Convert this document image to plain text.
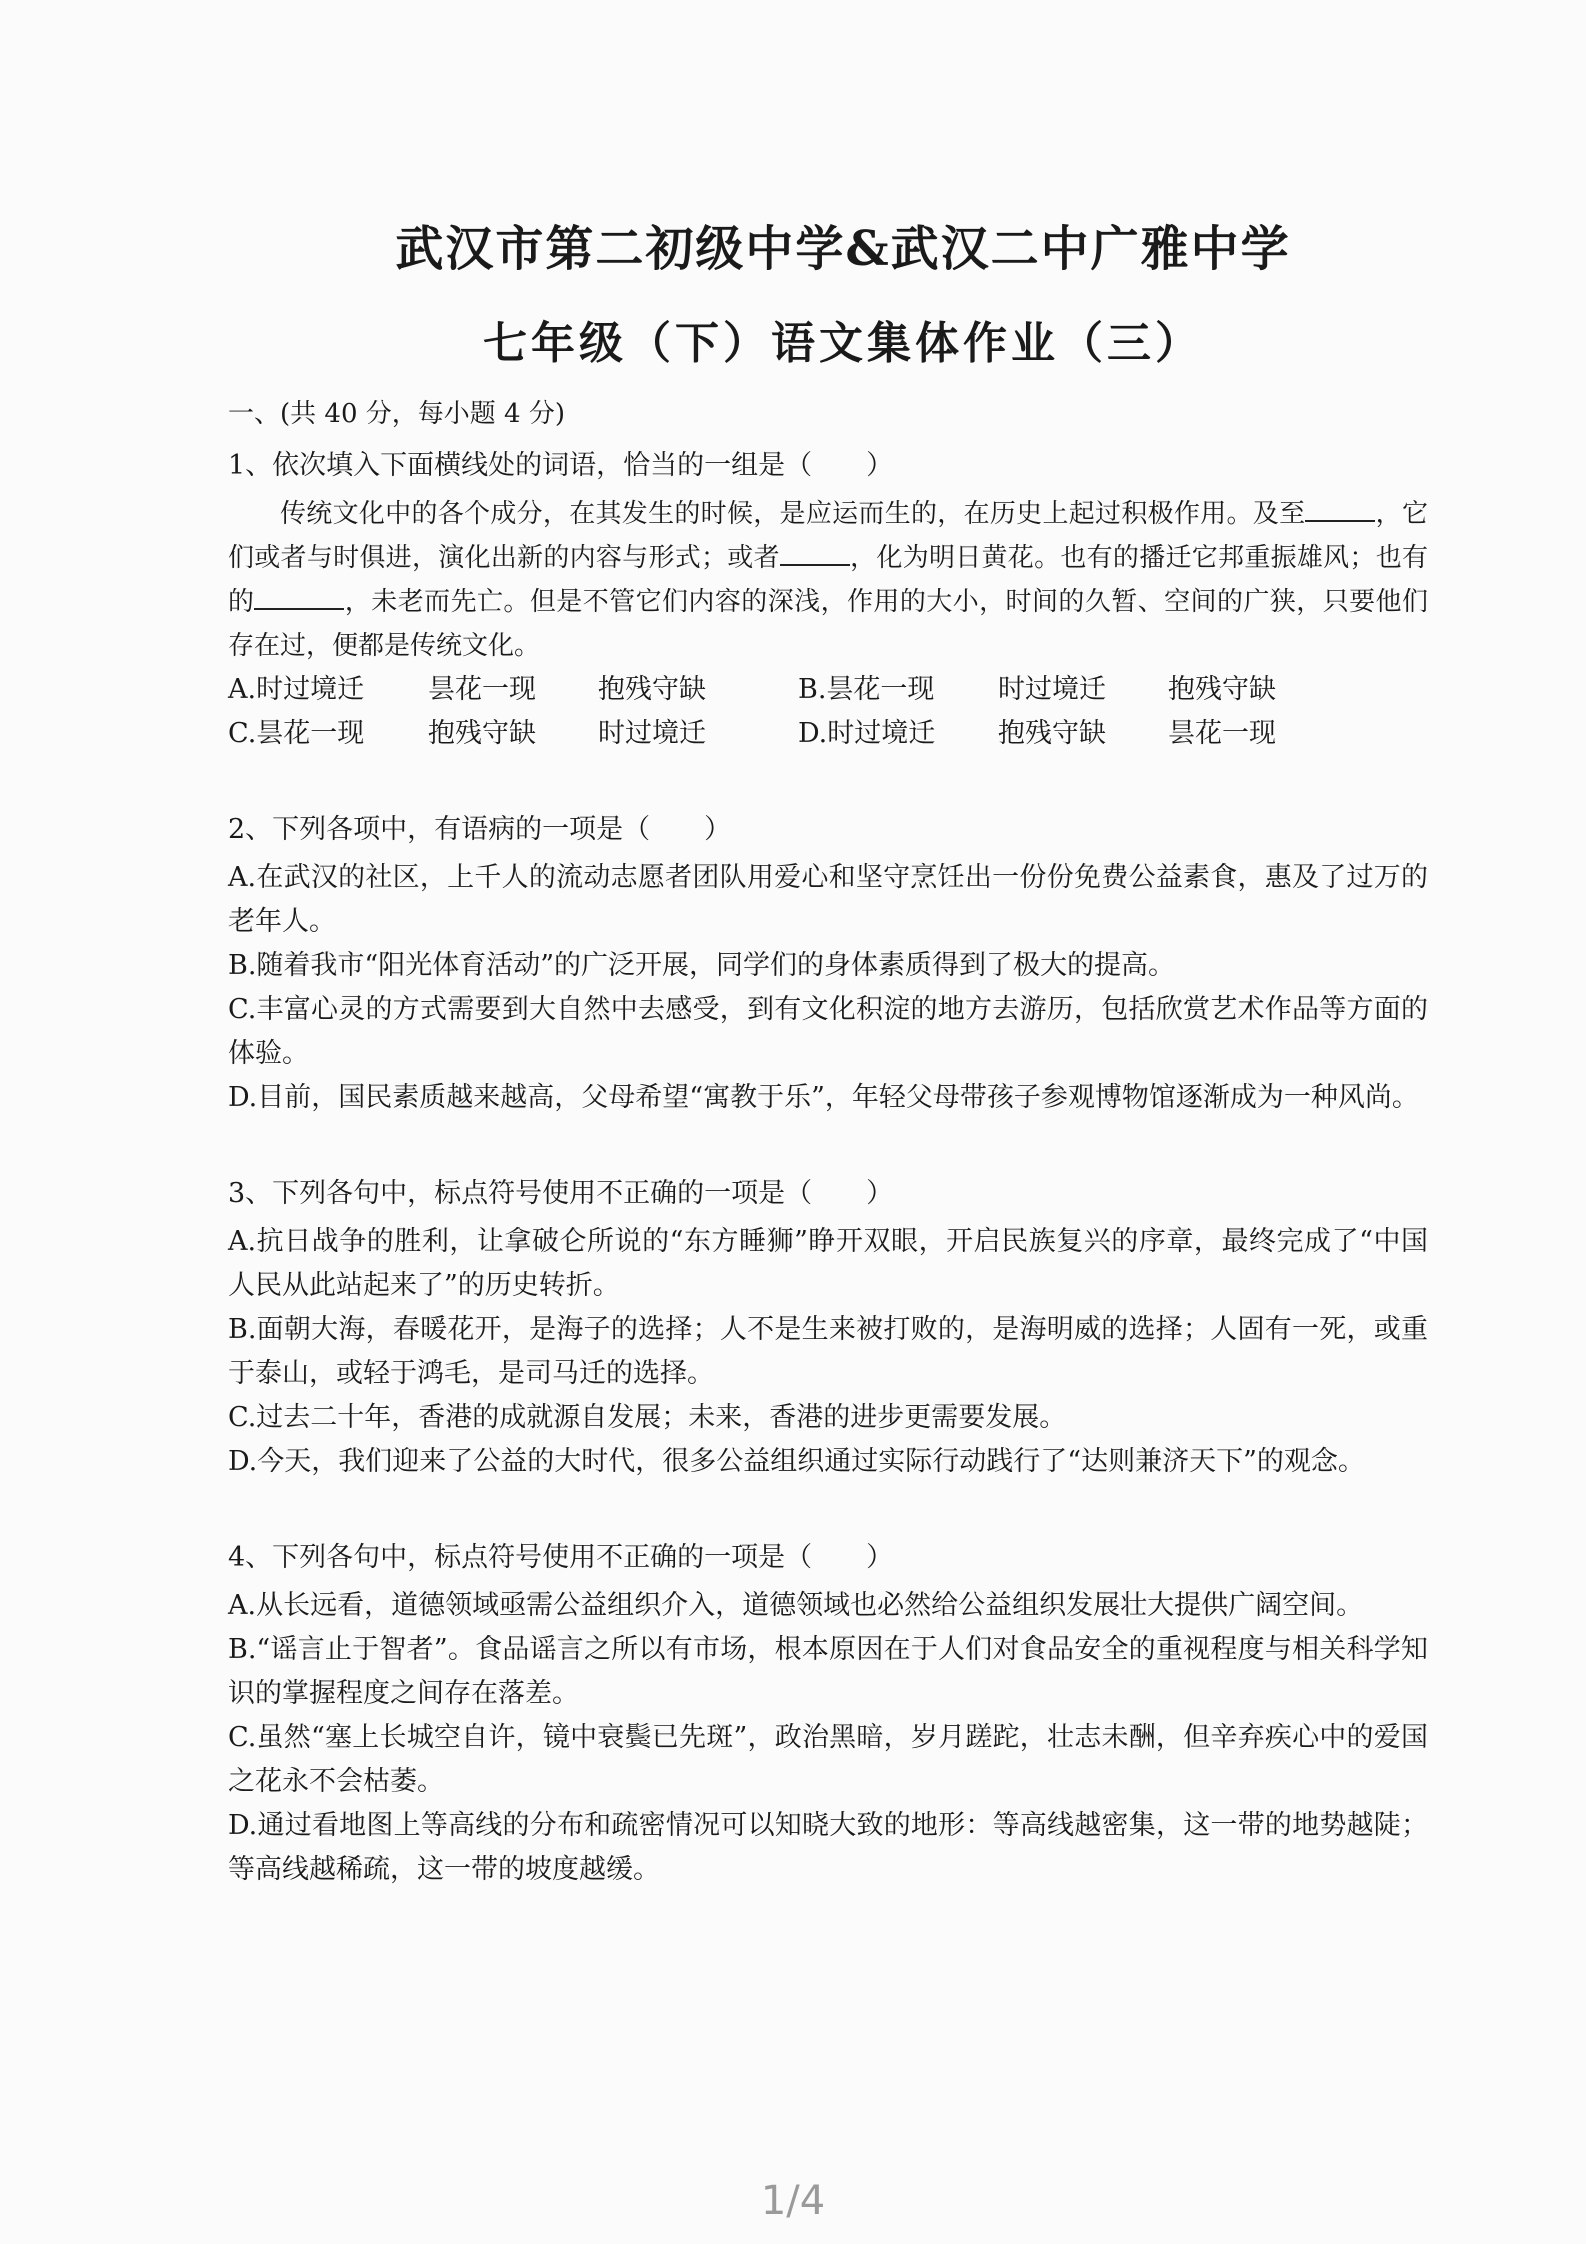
武汉市第二初级中学&武汉二中广雅中学
七年级（下）语文集体作业（三）
一、(共 40 分，每小题 4 分)
1、依次填入下面横线处的词语，恰当的一组是（　　）
传统文化中的各个成分，在其发生的时候，是应运而生的，在历史上起过积极作用。及至	，它们或者与时俱进，演化出新的内容与形式；或者	，化为明日黄花。也有的播迁它邦重振雄风；也有的	，未老而先亡。但是不管它们内容的深浅，作用的大小，时间的久暂、空间的广狭，只要他们存在过，便都是传统文化。
A.时过境迁	昙花一现	抱残守缺	B.昙花一现	时过境迁	抱残守缺
C.昙花一现	抱残守缺	时过境迁	D.时过境迁	抱残守缺	昙花一现
2、下列各项中，有语病的一项是（　　）
A.在武汉的社区，上千人的流动志愿者团队用爱心和坚守烹饪出一份份免费公益素食，惠及了过万的老年人。
B.随着我市“阳光体育活动”的广泛开展，同学们的身体素质得到了极大的提高。
C.丰富心灵的方式需要到大自然中去感受，到有文化积淀的地方去游历，包括欣赏艺术作品等方面的体验。
D.目前，国民素质越来越高，父母希望“寓教于乐”，年轻父母带孩子参观博物馆逐渐成为一种风尚。
3、下列各句中，标点符号使用不正确的一项是（　　）
A.抗日战争的胜利，让拿破仑所说的“东方睡狮”睁开双眼，开启民族复兴的序章，最终完成了“中国人民从此站起来了”的历史转折。
B.面朝大海，春暖花开，是海子的选择；人不是生来被打败的，是海明威的选择；人固有一死，或重于泰山，或轻于鸿毛，是司马迁的选择。
C.过去二十年，香港的成就源自发展；未来，香港的进步更需要发展。
D.今天，我们迎来了公益的大时代，很多公益组织通过实际行动践行了“达则兼济天下”的观念。
4、下列各句中，标点符号使用不正确的一项是（　　）
A.从长远看，道德领域亟需公益组织介入，道德领域也必然给公益组织发展壮大提供广阔空间。
B.“谣言止于智者”。食品谣言之所以有市场，根本原因在于人们对食品安全的重视程度与相关科学知识的掌握程度之间存在落差。
C.虽然“塞上长城空自许，镜中衰鬓已先斑”，政治黑暗，岁月蹉跎，壮志未酬，但辛弃疾心中的爱国之花永不会枯萎。
D.通过看地图上等高线的分布和疏密情况可以知晓大致的地形：等高线越密集，这一带的地势越陡；等高线越稀疏，这一带的坡度越缓。
1/4
